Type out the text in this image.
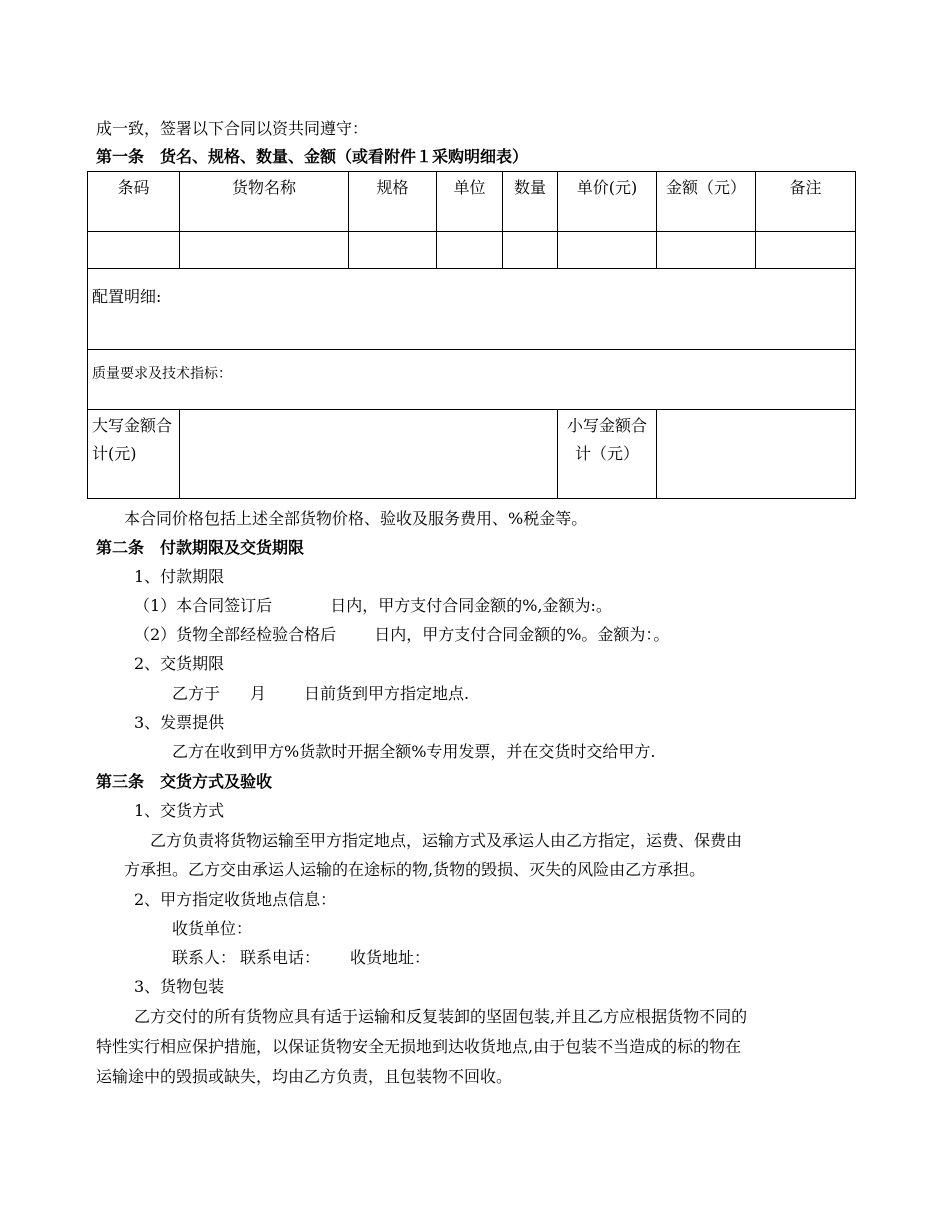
成一致，签署以下合同以资共同遵守：
第一条　货名、规格、数量、金额（或看附件１采购明细表）
条码	货物名称	规格	单位	数量	单价(元)	金额（元）	备注

配置明细:							
质量要求及技术指标：							
大写金额合计(元)					小写金额合计（元）		
本合同价格包括上述全部货物价格、验收及服务费用、%税金等。
第二条　付款期限及交货期限
1、付款期限
（1）本合同签订后	日内，甲方支付合同金额的%,金额为:。
（2）货物全部经检验合格后 日内，甲方支付合同金额的%。金额为：。
2、交货期限
乙方于 月 日前货到甲方指定地点.
3、发票提供
乙方在收到甲方%货款时开据全额%专用发票，并在交货时交给甲方.
第三条　交货方式及验收
1、交货方式
乙方负责将货物运输至甲方指定地点，运输方式及承运人由乙方指定，运费、保费由
方承担。乙方交由承运人运输的在途标的物,货物的毁损、灭失的风险由乙方承担。
2、甲方指定收货地点信息：
收货单位：
联系人： 联系电话： 收货地址：
3、货物包装
乙方交付的所有货物应具有适于运输和反复装卸的坚固包装,并且乙方应根据货物不同的
特性实行相应保护措施，以保证货物安全无损地到达收货地点,由于包装不当造成的标的物在
运输途中的毁损或缺失，均由乙方负责，且包装物不回收。
